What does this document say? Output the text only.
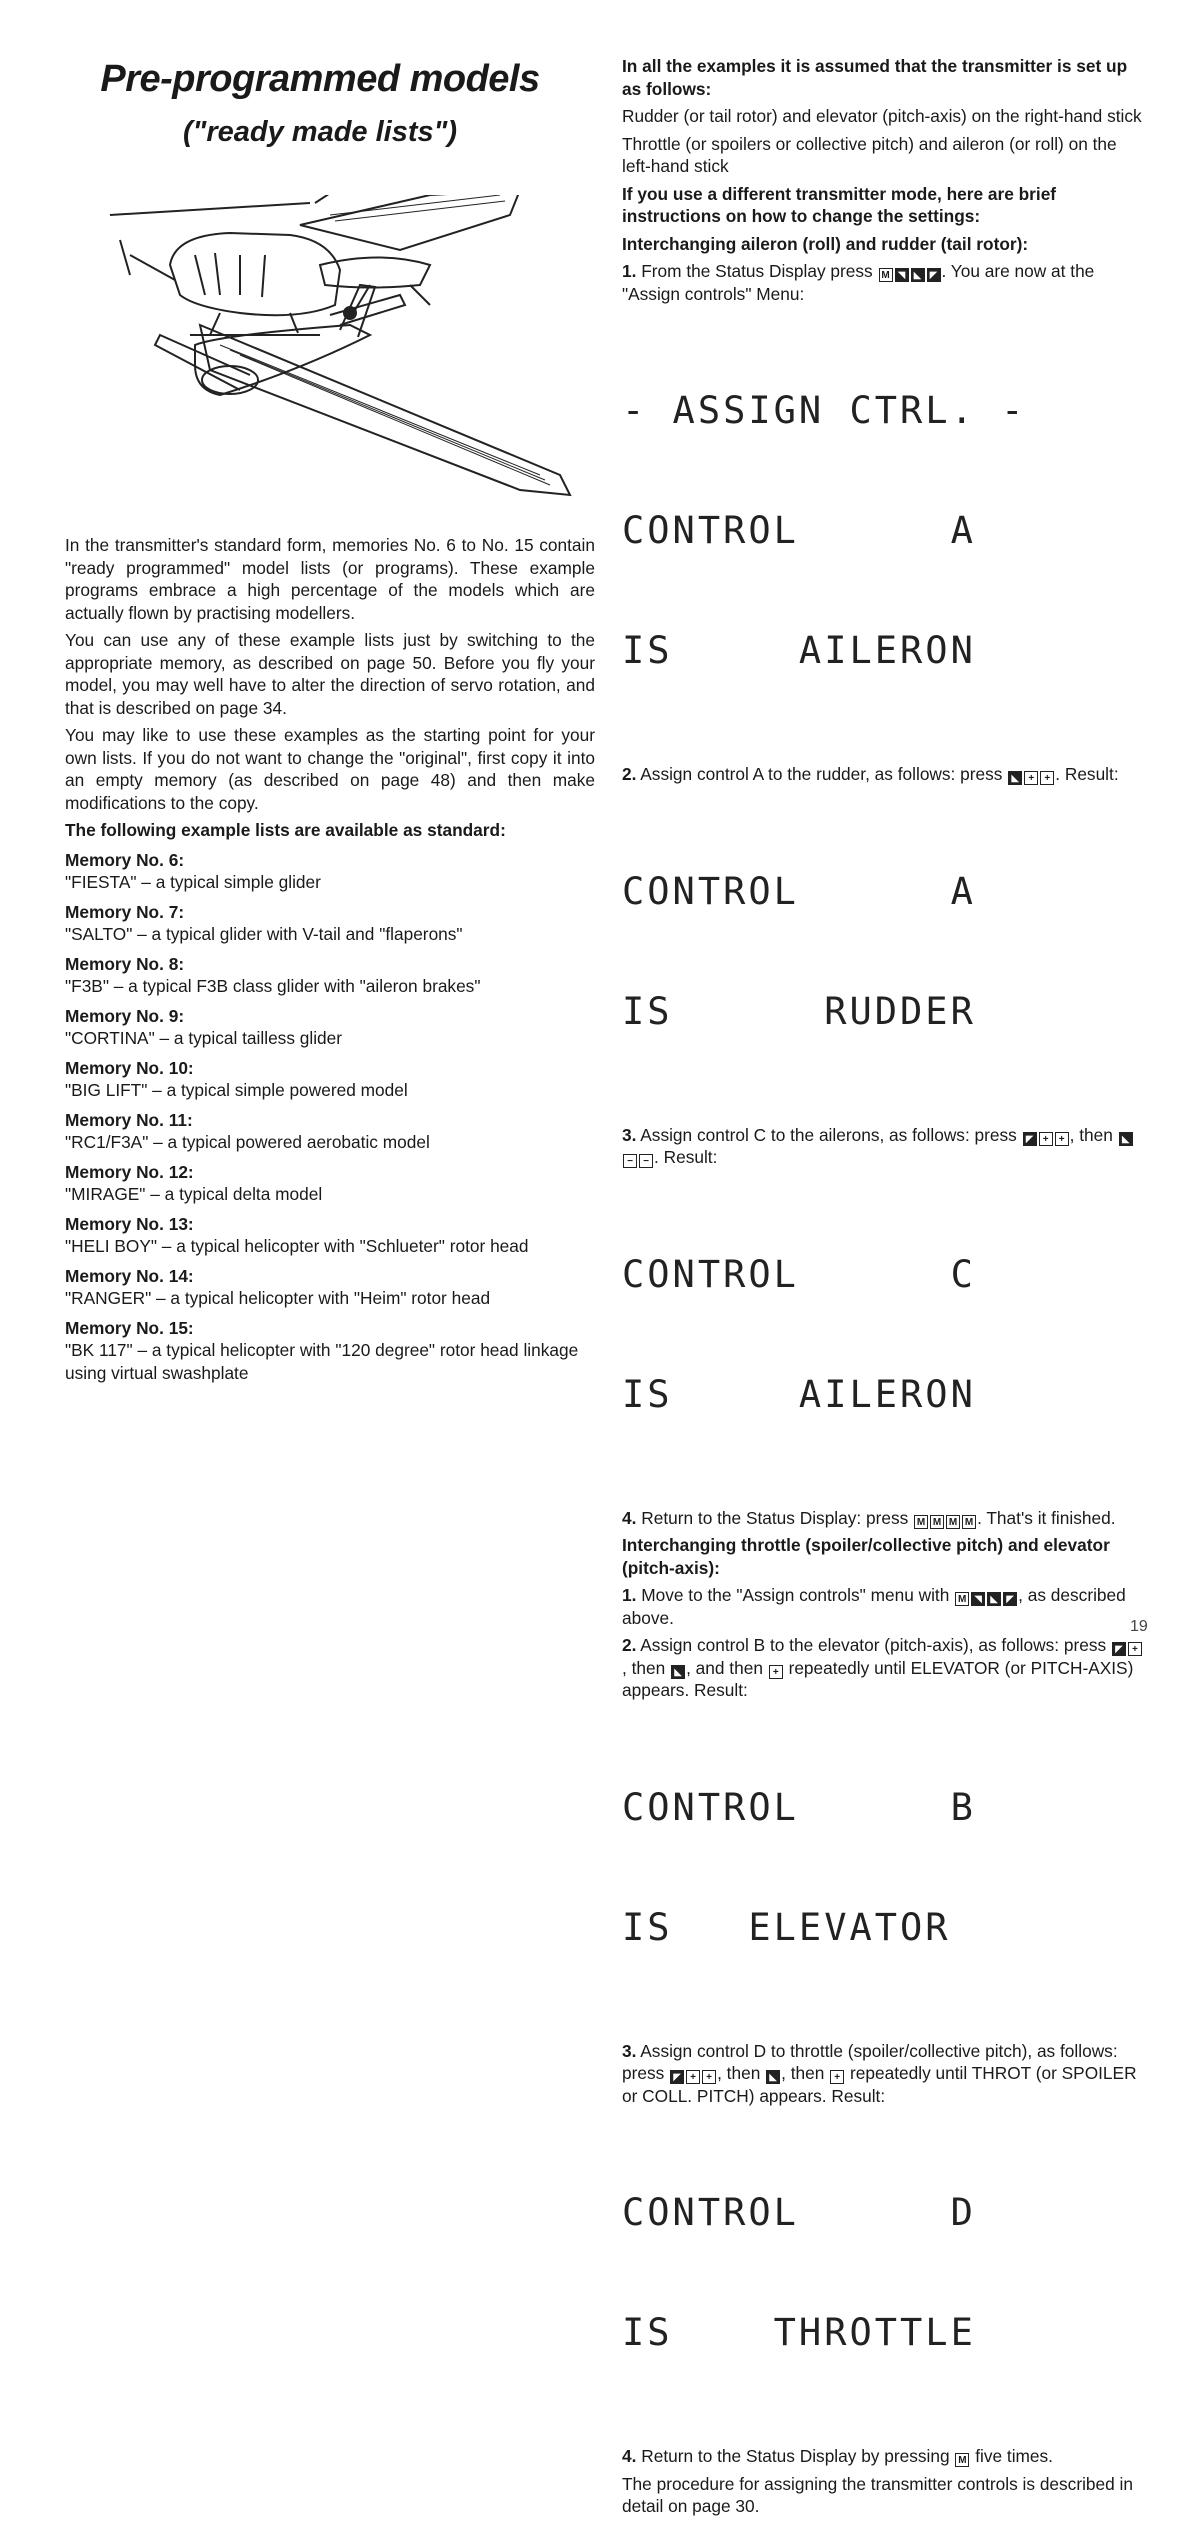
Pre-programmed models
("ready made lists")

In the transmitter's standard form, memories No. 6 to No. 15 contain "ready programmed" model lists (or programs). These example programs embrace a high percentage of the models which are actually flown by practising modellers.

You can use any of these example lists just by switching to the appropriate memory, as described on page 50. Before you fly your model, you may well have to alter the direction of servo rotation, and that is described on page 34.

You may like to use these examples as the starting point for your own lists. If you do not want to change the "original", first copy it into an empty memory (as described on page 48) and then make modifications to the copy.

The following example lists are available as standard:

Memory No. 6:
"FIESTA" – a typical simple glider
Memory No. 7:
"SALTO" – a typical glider with V-tail and "flaperons"
Memory No. 8:
"F3B" – a typical F3B class glider with "aileron brakes"
Memory No. 9:
"CORTINA" – a typical tailless glider
Memory No. 10:
"BIG LIFT" – a typical simple powered model
Memory No. 11:
"RC1/F3A" – a typical powered aerobatic model
Memory No. 12:
"MIRAGE" – a typical delta model
Memory No. 13:
"HELI BOY" – a typical helicopter with "Schlueter" rotor head
Memory No. 14:
"RANGER" – a typical helicopter with "Heim" rotor head
Memory No. 15:
"BK 117" – a typical helicopter with "120 degree" rotor head linkage using virtual swashplate

In all the examples it is assumed that the transmitter is set up as follows:

Rudder (or tail rotor) and elevator (pitch-axis) on the right-hand stick

Throttle (or spoilers or collective pitch) and aileron (or roll) on the left-hand stick

If you use a different transmitter mode, here are brief instructions on how to change the settings:

Interchanging aileron (roll) and rudder (tail rotor):

1. From the Status Display press M ◥ ◣ ◤ . You are now at the "Assign controls" Menu:

- ASSIGN CTRL. -

CONTROL      A

IS     AILERON

2. Assign control A to the rudder, as follows: press ◣ + + . Result:

CONTROL      A

IS      RUDDER

3. Assign control C to the ailerons, as follows: press ◤ + + , then ◣− − . Result:

CONTROL      C

IS     AILERON

4. Return to the Status Display: press M M M M . That's it finished.

Interchanging throttle (spoiler/collective pitch) and elevator (pitch-axis):

1. Move to the "Assign controls" menu with M ◥ ◣ ◤ , as described above.

2. Assign control B to the elevator (pitch-axis), as follows: press ◤ +, then ◣ , and then + repeatedly until ELEVATOR (or PITCH-AXIS) appears. Result:

CONTROL      B

IS   ELEVATOR

3. Assign control D to throttle (spoiler/collective pitch), as follows: press ◤ + + , then ◣ , then + repeatedly until THROT (or SPOILER or COLL. PITCH) appears. Result:

CONTROL      D

IS    THROTTLE

4. Return to the Status Display by pressing M five times.

The procedure for assigning the transmitter controls is described in detail on page 30.

19
